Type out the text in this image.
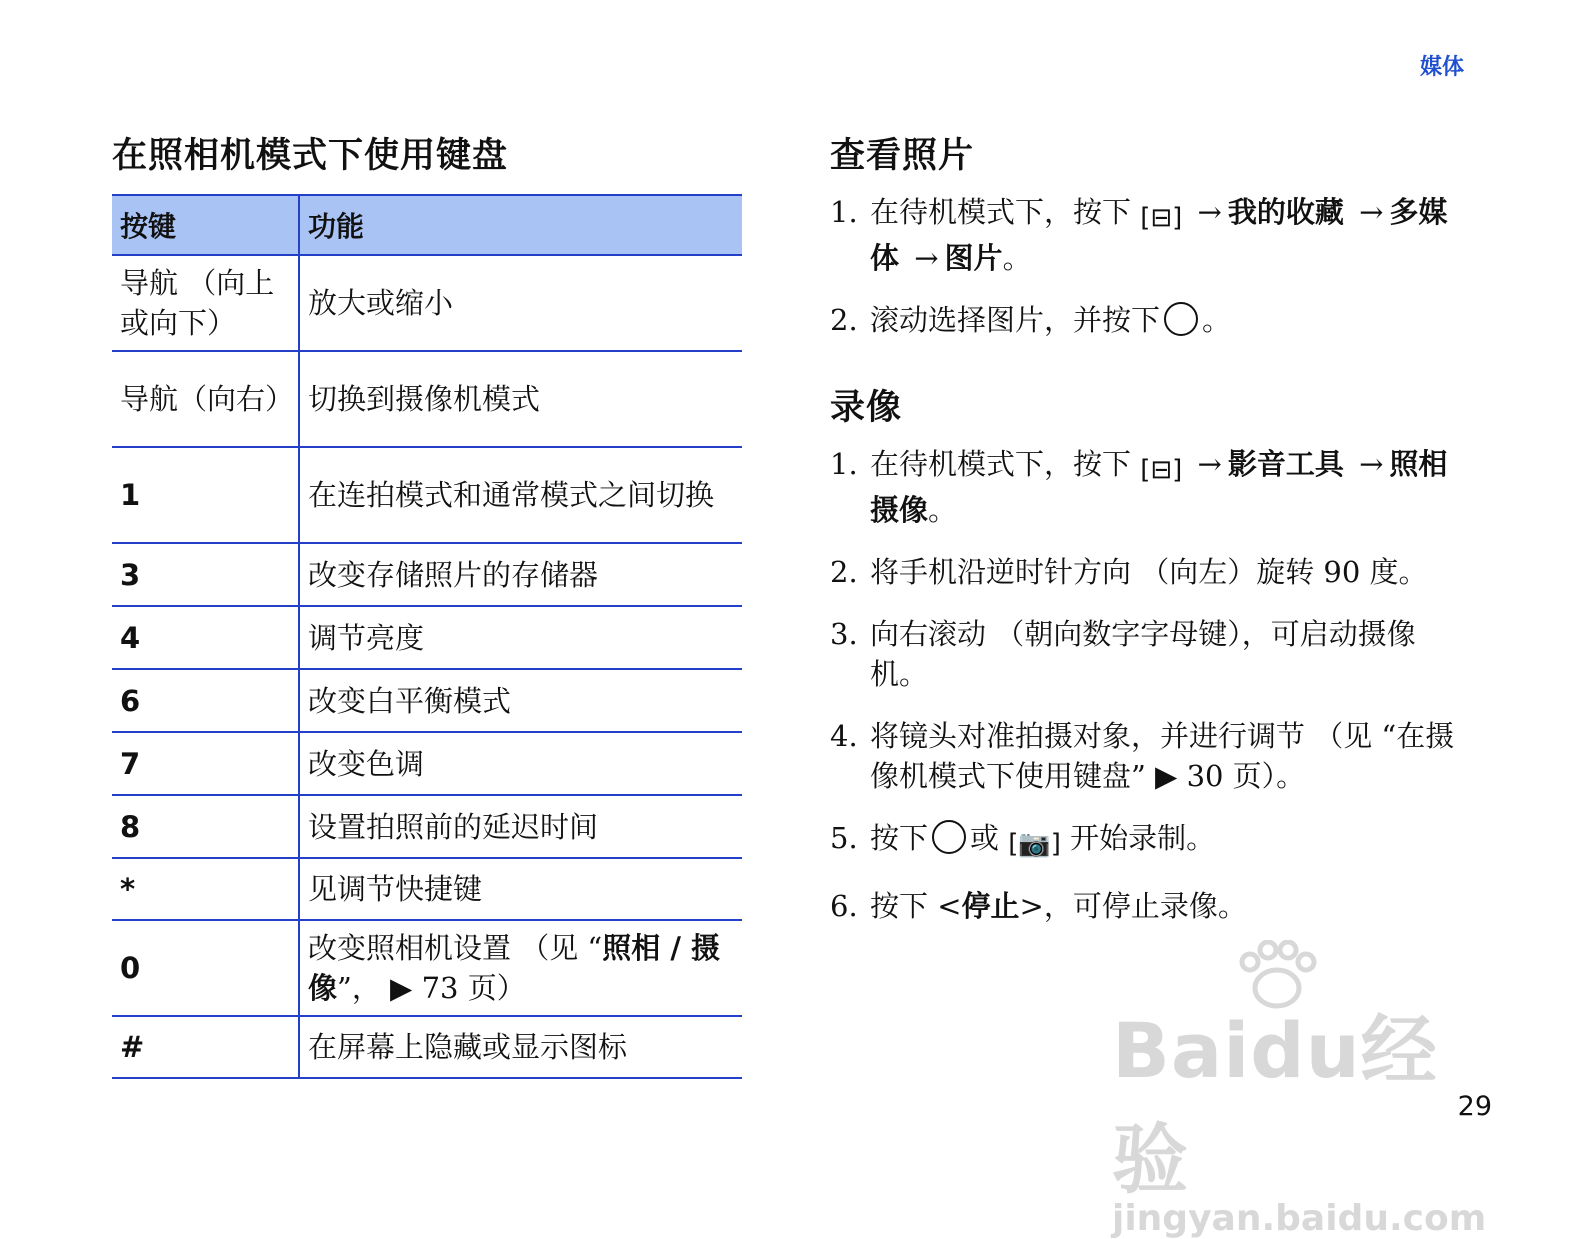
媒体
在照相机模式下使用键盘
按键	功能
导航 （向上或向下）	放大或缩小
导航（向右）	切换到摄像机模式
1	在连拍模式和通常模式之间切换
3	改变存储照片的存储器
4	调节亮度
6	改变白平衡模式
7	改变色调
8	设置拍照前的延迟时间
*	见调节快捷键
0	改变照相机设置 （见 “照相 / 摄像”， ▶ 73 页）
#	在屏幕上隐藏或显示图标
查看照片
1. 在待机模式下，按下 [⊟] → 我的收藏 → 多媒体 → 图片。
2. 滚动选择图片，并按下 。
录像
1. 在待机模式下，按下 [⊟] → 影音工具 → 照相摄像。
2. 将手机沿逆时针方向 （向左）旋转 90 度。
3. 向右滚动 （朝向数字字母键），可启动摄像机。
4. 将镜头对准拍摄对象，并进行调节 （见 “在摄像机模式下使用键盘” ▶ 30 页）。
5. 按下 或 [📷] 开始录制。
6. 按下 <停止>，可停止录像。
Baidu经验
jingyan.baidu.com
29
